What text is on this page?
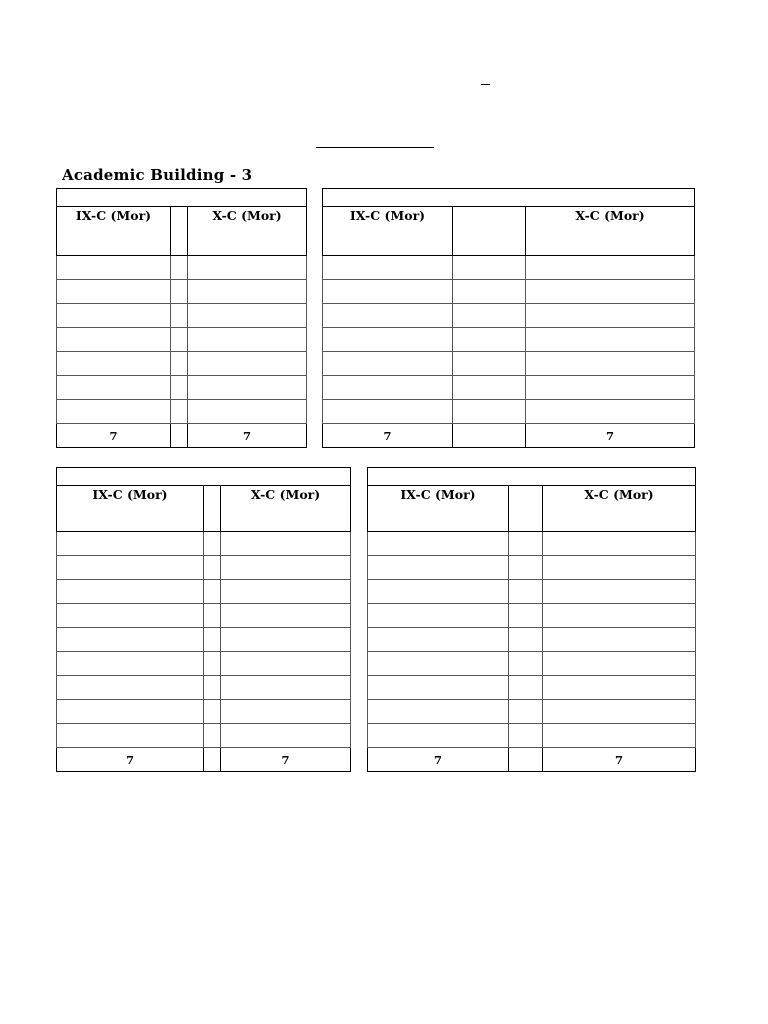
Academic Building - 3

IX-C (Mor)		X-C (Mor)

7		7

IX-C (Mor)		X-C (Mor)

7		7

IX-C (Mor)		X-C (Mor)

7		7

IX-C (Mor)		X-C (Mor)

7		7
